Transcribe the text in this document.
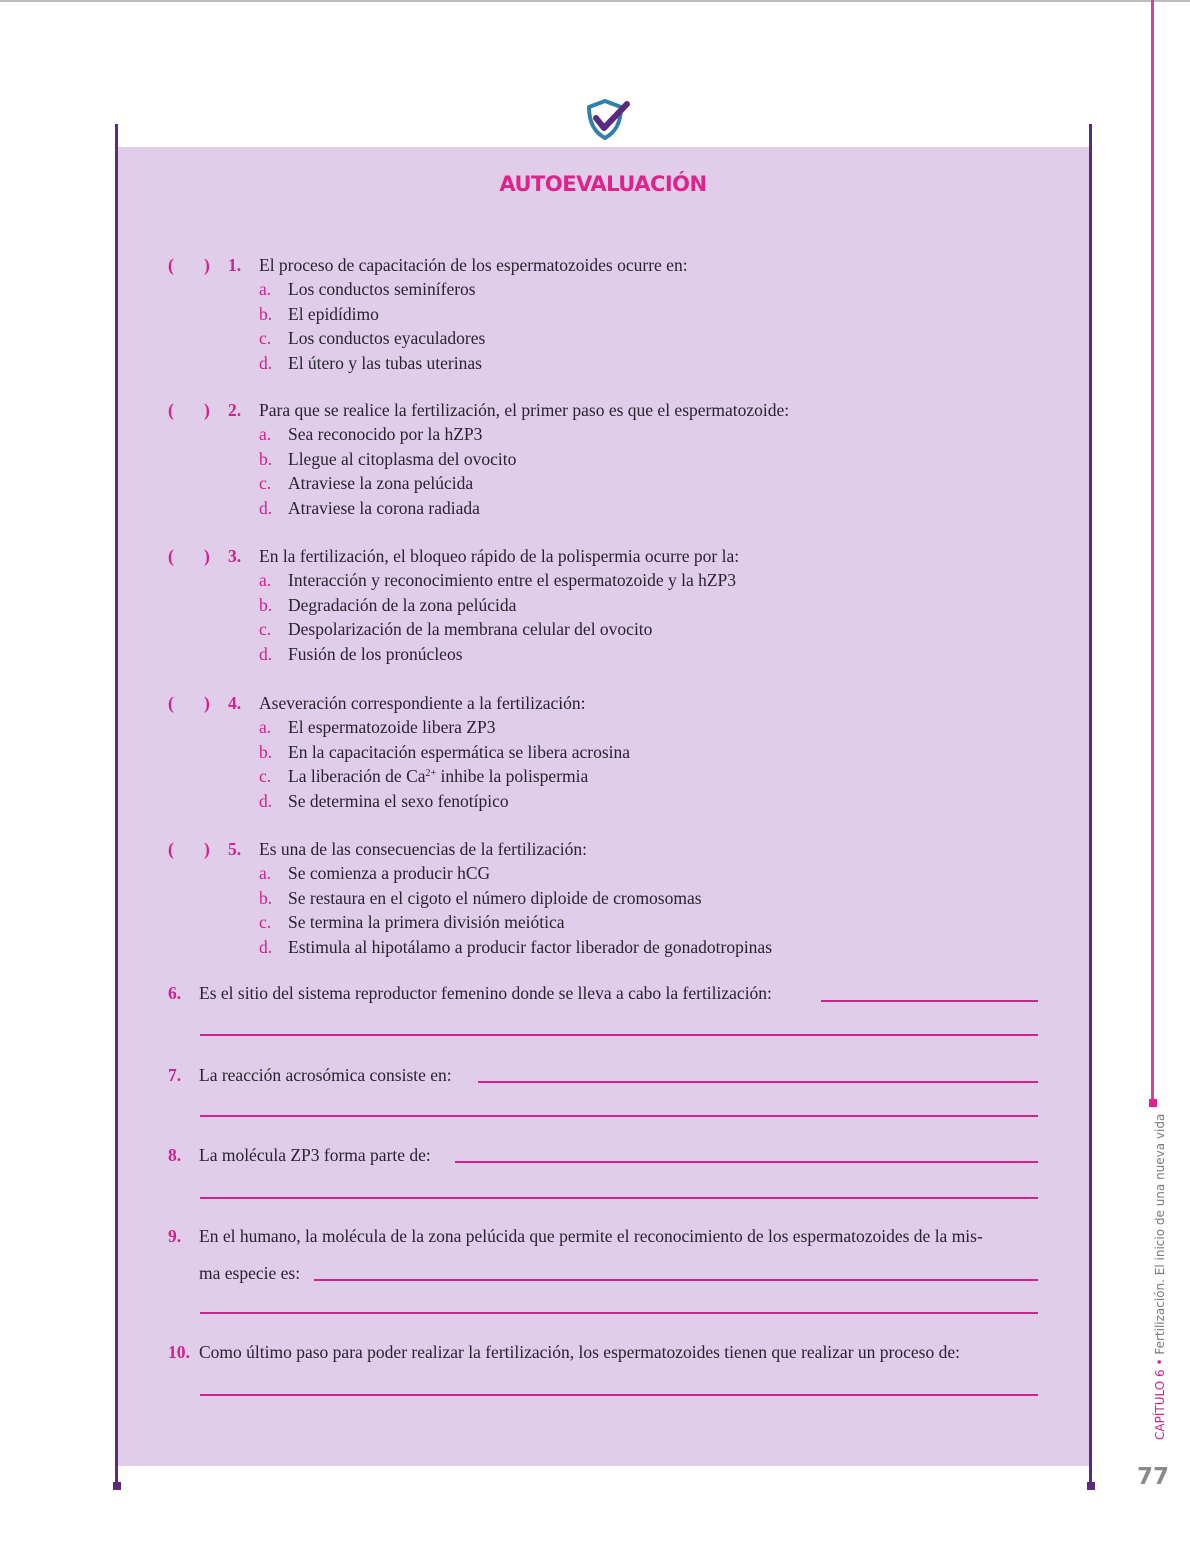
CAPÍTULO 6 • Fertilización. El inicio de una nueva vida
77
AUTOEVALUACIÓN
( ) 1. El proceso de capacitación de los espermatozoides ocurre en:
a. Los conductos seminíferos
b. El epidídimo
c. Los conductos eyaculadores
d. El útero y las tubas uterinas
( ) 2. Para que se realice la fertilización, el primer paso es que el espermatozoide:
a. Sea reconocido por la hZP3
b. Llegue al citoplasma del ovocito
c. Atraviese la zona pelúcida
d. Atraviese la corona radiada
( ) 3. En la fertilización, el bloqueo rápido de la polispermia ocurre por la:
a. Interacción y reconocimiento entre el espermatozoide y la hZP3
b. Degradación de la zona pelúcida
c. Despolarización de la membrana celular del ovocito
d. Fusión de los pronúcleos
( ) 4. Aseveración correspondiente a la fertilización:
a. El espermatozoide libera ZP3
b. En la capacitación espermática se libera acrosina
c. La liberación de $Ca^{2+}$ inhibe la polispermia
d. Se determina el sexo fenotípico
( ) 5. Es una de las consecuencias de la fertilización:
a. Se comienza a producir hCG
b. Se restaura en el cigoto el número diploide de cromosomas
c. Se termina la primera división meiótica
d. Estimula al hipotálamo a producir factor liberador de gonadotropinas
6. Es el sitio del sistema reproductor femenino donde se lleva a cabo la fertilización:
7. La reacción acrosómica consiste en:
8. La molécula ZP3 forma parte de:
9. En el humano, la molécula de la zona pelúcida que permite el reconocimiento de los espermatozoides de la mis-
ma especie es:
10. Como último paso para poder realizar la fertilización, los espermatozoides tienen que realizar un proceso de:
